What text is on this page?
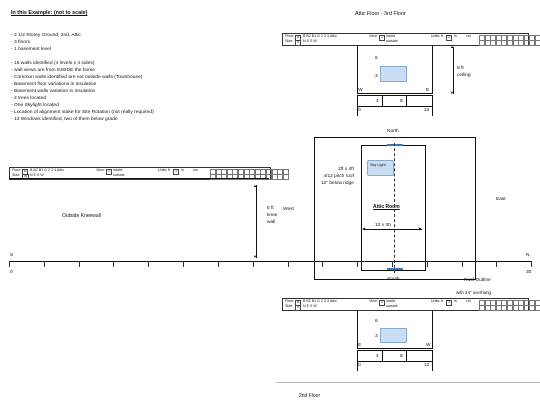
In this Example: (not to scale)
- 2 1/2 Storey Ground, 2nd, Attic
- 3 floors
- 1 basement level
- 16 walls identified (4 levels x 4 sides)
- wall views are from INSIDE the home
- Common walls identified are not outside walls (Townhouse)
- Basement floor variations in insulation
- Basement walls variation in insulation
- 2 trees located
- One Skylight located
- Location of alignment stake for Site Rotation (not really required)
- 13 Windows identified, two of them below grade
Floor: A B B2 B1 G 2 3 4 Attic
Side:	W N E S W
View: 1 inside
outside
Units: ft	1	in	cm
Outside Kneewall
▲
▼
5 ft
knee
wall
S	N
0	30
Attic Floor - 3rd Floor
Floor: A B B2 B1 G 2 3 4 Attic
Side:	S N E S W
View: 1 inside
outside
Units: ft	1	in	cm
6
3
W	E
4	8
0	12
▲
▼
8 ft
ceiling
North
South
West
East
Sky Light
2ft x 4ft
4/12 pitch roof
12" below ridge
Attic Room
12 x 30
◀	▶
Roof Outline
with 24" overhang
Floor: A B B2 B1 G 2 3 4 Attic
Side:	S N E S W
View: 1 inside
outside
Units: ft	1	in	cm
6
3
E	W
4	8
0	12
2nd Floor
